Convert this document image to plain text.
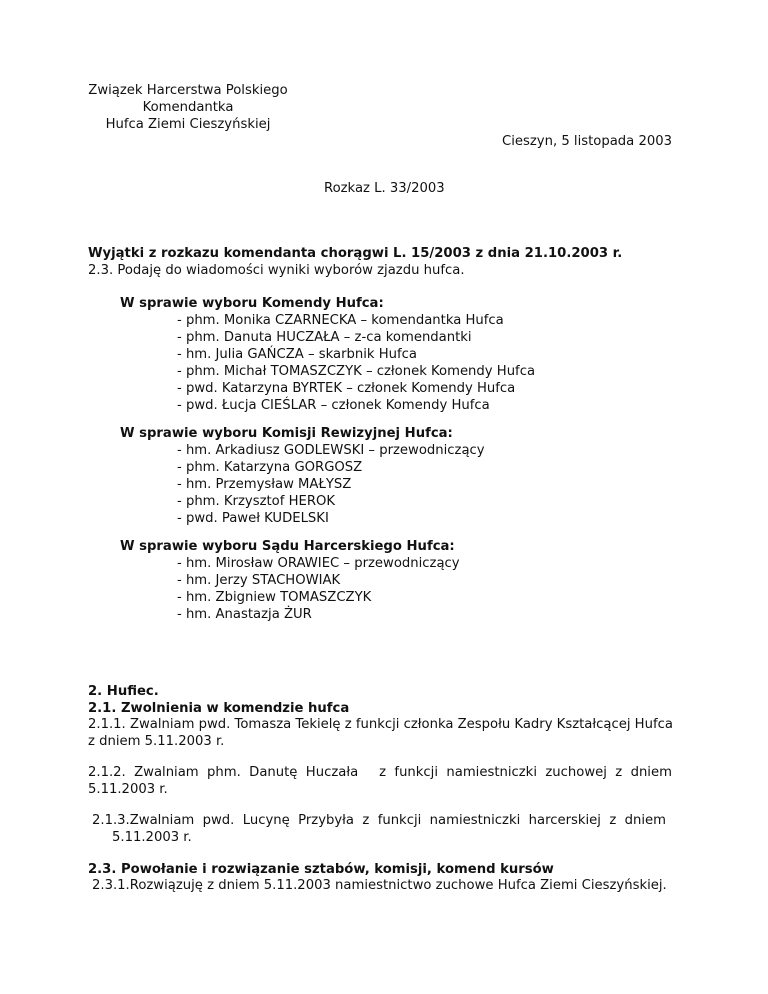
Związek Harcerstwa Polskiego
Komendantka
Hufca Ziemi Cieszyńskiej
Cieszyn, 5 listopada 2003
Rozkaz L. 33/2003
Wyjątki z rozkazu komendanta chorągwi L. 15/2003 z dnia 21.10.2003 r.
2.3. Podaję do wiadomości wyniki wyborów zjazdu hufca.
W sprawie wyboru Komendy Hufca:
- phm. Monika CZARNECKA – komendantka Hufca
- phm. Danuta HUCZAŁA – z-ca komendantki
- hm. Julia GAŃCZA – skarbnik Hufca
- phm. Michał TOMASZCZYK – członek Komendy Hufca
- pwd. Katarzyna BYRTEK – członek Komendy Hufca
- pwd. Łucja CIEŚLAR – członek Komendy Hufca
W sprawie wyboru Komisji Rewizyjnej Hufca:
- hm. Arkadiusz GODLEWSKI – przewodniczący
- phm. Katarzyna GORGOSZ
- hm. Przemysław MAŁYSZ
- phm. Krzysztof HEROK
- pwd. Paweł KUDELSKI
W sprawie wyboru Sądu Harcerskiego Hufca:
- hm. Mirosław ORAWIEC – przewodniczący
- hm. Jerzy STACHOWIAK
- hm. Zbigniew TOMASZCZYK
- hm. Anastazja ŻUR
2. Hufiec.
2.1. Zwolnienia w komendzie hufca
2.1.1. Zwalniam pwd. Tomasza Tekielę z funkcji członka Zespołu Kadry Kształcącej Hufca
z dniem 5.11.2003 r.
2.1.2.  Zwalniam  phm.  Danutę  Huczała     z  funkcji  namiestniczki  zuchowej  z  dniem
5.11.2003 r.
2.1.3.Zwalniam  pwd.  Lucynę  Przybyła  z  funkcji  namiestniczki  harcerskiej  z  dniem
5.11.2003 r.
2.3. Powołanie i rozwiązanie sztabów, komisji, komend kursów
2.3.1.Rozwiązuję z dniem 5.11.2003 namiestnictwo zuchowe Hufca Ziemi Cieszyńskiej.
